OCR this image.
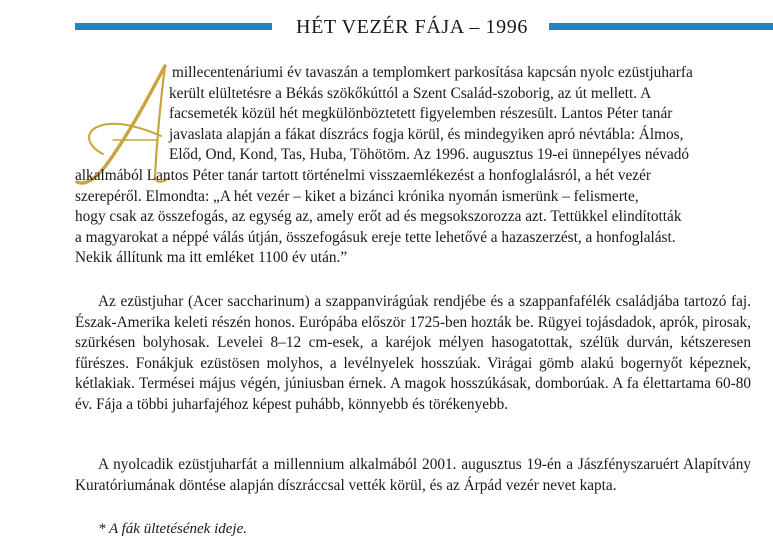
HÉT VEZÉR FÁJA – 1996
millecentenáriumi év tavaszán a templomkert parkosítása kapcsán nyolc ezüstjuharfa
került elültetésre a Békás szökőkúttól a Szent Család-szoborig, az út mellett. A
facsemeték közül hét megkülönböztetett figyelemben részesült. Lantos Péter tanár
javaslata alapján a fákat díszrács fogja körül, és mindegyiken apró névtábla: Álmos,
Előd, Ond, Kond, Tas, Huba, Töhötöm. Az 1996. augusztus 19-ei ünnepélyes névadó
alkalmából Lantos Péter tanár tartott történelmi visszaemlékezést a honfoglalásról, a hét vezér
szerepéről. Elmondta: „A hét vezér – kiket a bizánci krónika nyomán ismerünk – felismerte,
hogy csak az összefogás, az egység az, amely erőt ad és megsokszorozza azt. Tettükkel elindították
a magyarokat a néppé válás útján, összefogásuk ereje tette lehetővé a hazaszerzést, a honfoglalást.
Nekik állítunk ma itt emléket 1100 év után.”

Az ezüstjuhar (Acer saccharinum) a szappanvirágúak rendjébe és a szappanfafélék családjába tartozó faj. Észak-Amerika keleti részén honos. Európába először 1725-ben hozták be. Rügyei tojásdadok, aprók, pirosak, szürkésen bolyhosak. Levelei 8–12 cm-esek, a karéjok mélyen hasogatottak, szélük durván, kétszeresen fűrészes. Fonákjuk ezüstösen molyhos, a levélnyelek hosszúak. Virágai gömb alakú bogernyőt képeznek, kétlakiak. Termései május végén, júniusban érnek. A magok hosszúkásak, domborúak. A fa élettartama 60-80 év. Fája a többi juharfajéhoz képest puhább, könnyebb és törékenyebb.

A nyolcadik ezüstjuharfát a millennium alkalmából 2001. augusztus 19-én a Jászfényszaruért Alapítvány Kuratóriumának döntése alapján díszráccsal vették körül, és az Árpád vezér nevet kapta.

* A fák ültetésének ideje.
